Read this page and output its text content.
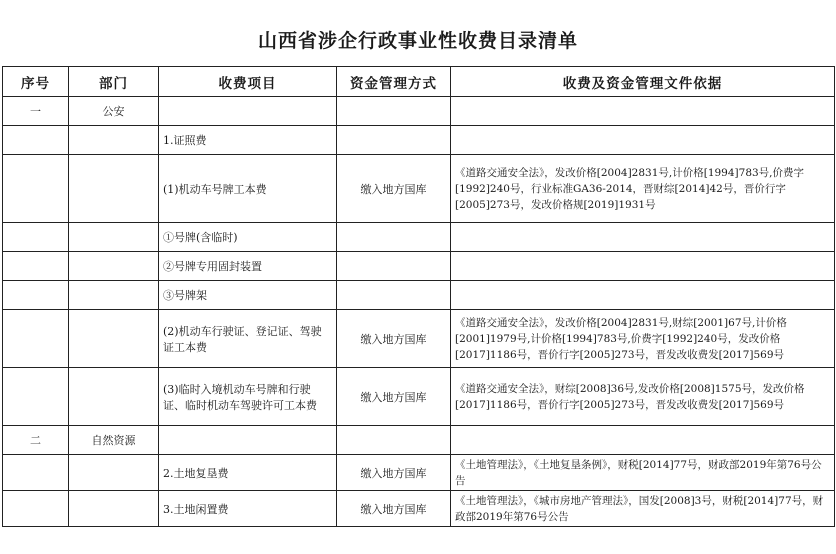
山西省涉企行政事业性收费目录清单
序号	部门	收费项目	资金管理方式	收费及资金管理文件依据
一	公安			
		1.证照费		
		(1)机动车号牌工本费	缴入地方国库	《道路交通安全法》，发改价格[2004]2831号,计价格[1994]783号,价费字[1992]240号，行业标准GA36-2014，晋财综[2014]42号，晋价行字[2005]273号，发改价格规[2019]1931号
		①号牌(含临时)		
		②号牌专用固封装置		
		③号牌架		
		(2)机动车行驶证、登记证、驾驶证工本费	缴入地方国库	《道路交通安全法》，发改价格[2004]2831号,财综[2001]67号,计价格[2001]1979号,计价格[1994]783号,价费字[1992]240号，发改价格[2017]1186号，晋价行字[2005]273号，晋发改收费发[2017]569号
		(3)临时入境机动车号牌和行驶证、临时机动车驾驶许可工本费	缴入地方国库	《道路交通安全法》，财综[2008]36号,发改价格[2008]1575号，发改价格[2017]1186号，晋价行字[2005]273号，晋发改收费发[2017]569号
二	自然资源			
		2.土地复垦费	缴入地方国库	《土地管理法》，《土地复垦条例》，财税[2014]77号，财政部2019年第76号公告
		3.土地闲置费	缴入地方国库	《土地管理法》，《城市房地产管理法》，国发[2008]3号，财税[2014]77号，财政部2019年第76号公告
